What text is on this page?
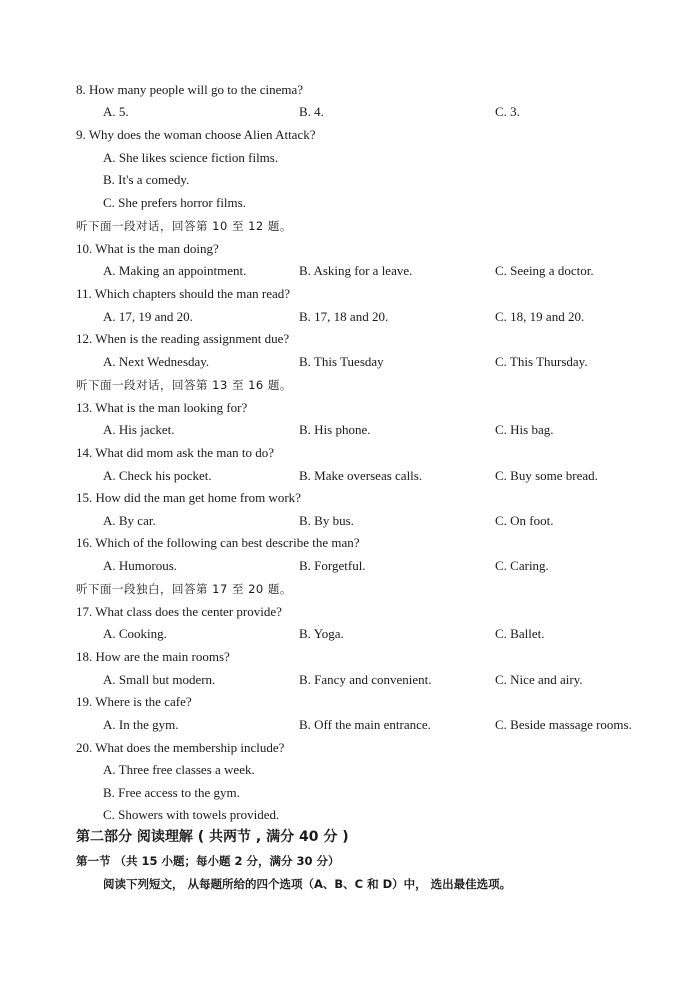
8. How many people will go to the cinema?
A. 5.	B. 4.	C. 3.
9. Why does the woman choose Alien Attack?
A. She likes science fiction films.
B. It's a comedy.
C. She prefers horror films.
听下面一段对话，回答第 10 至 12 题。
10. What is the man doing?
A. Making an appointment.	B. Asking for a leave.	C. Seeing a doctor.
11. Which chapters should the man read?
A. 17, 19 and 20.	B. 17, 18 and 20.	C. 18, 19 and 20.
12. When is the reading assignment due?
A. Next Wednesday.	B. This Tuesday	C. This Thursday.
听下面一段对话，回答第 13 至 16 题。
13. What is the man looking for?
A. His jacket.	B. His phone.	C. His bag.
14. What did mom ask the man to do?
A. Check his pocket.	B. Make overseas calls.	C. Buy some bread.
15. How did the man get home from work?
A. By car.	B. By bus.	C. On foot.
16. Which of the following can best describe the man?
A. Humorous.	B. Forgetful.	C. Caring.
听下面一段独白，回答第 17 至 20 题。
17. What class does the center provide?
A. Cooking.	B. Yoga.	C. Ballet.
18. How are the main rooms?
A. Small but modern.	B. Fancy and convenient.	C. Nice and airy.
19. Where is the cafe?
A. In the gym.	B. Off the main entrance.	C. Beside massage rooms.
20. What does the membership include?
A. Three free classes a week.
B. Free access to the gym.
C. Showers with towels provided.
第二部分 阅读理解 ( 共两节 , 满分 40 分 )
第一节 （共 15 小题；每小题 2 分，满分 30 分）
阅读下列短文， 从每题所给的四个选项（A、B、C 和 D）中， 选出最佳选项。
